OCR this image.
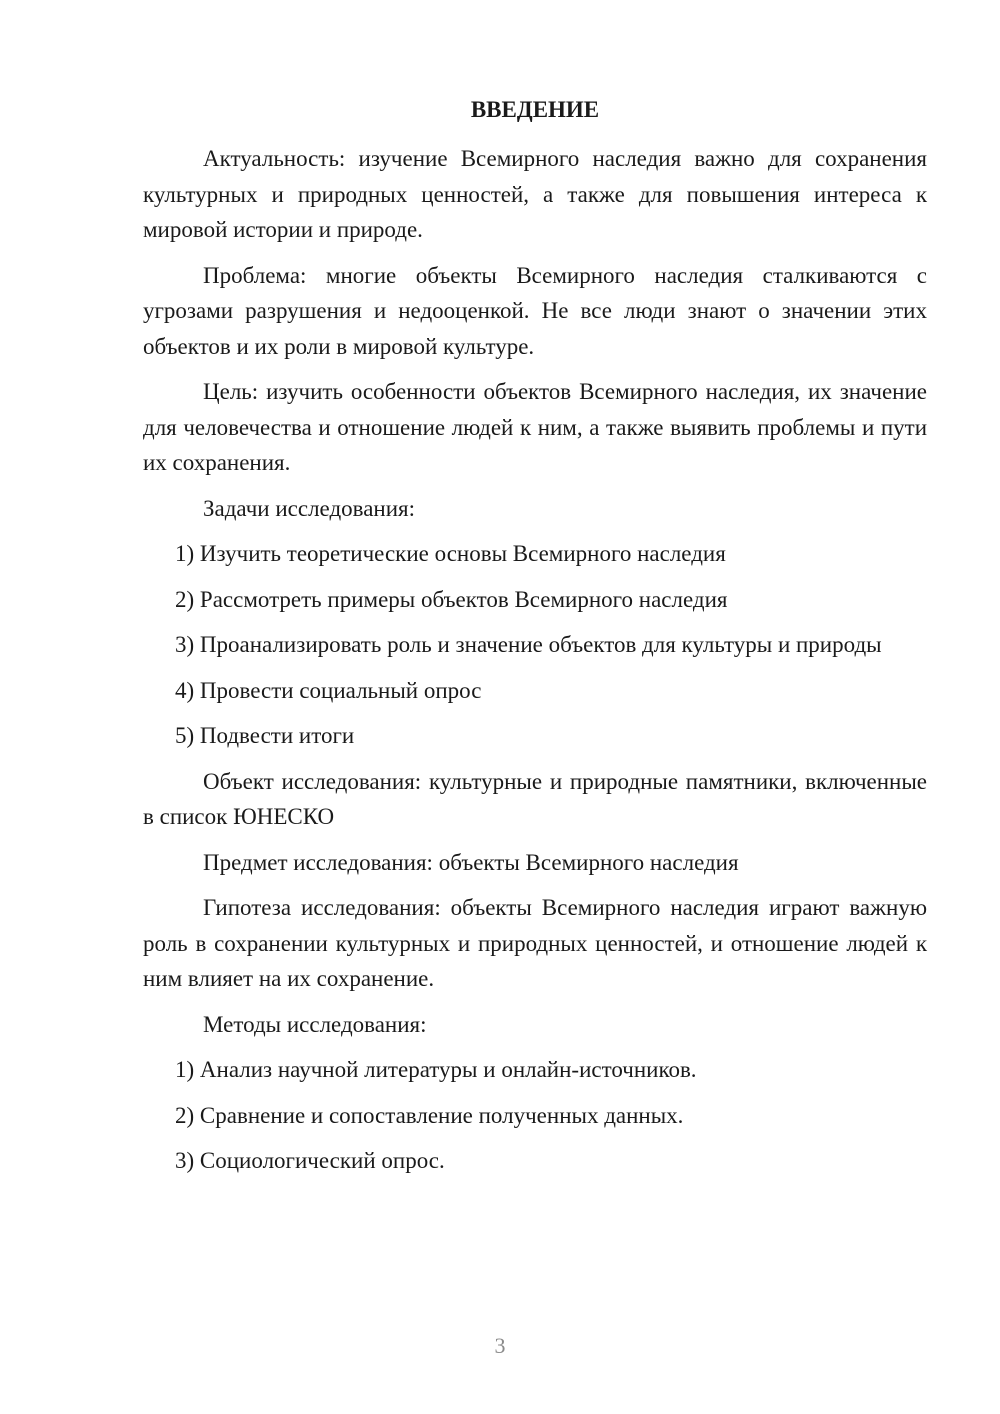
ВВЕДЕНИЕ

Актуальность: изучение Всемирного наследия важно для сохранения культурных и природных ценностей, а также для повышения интереса к мировой истории и природе.

Проблема: многие объекты Всемирного наследия сталкиваются с угрозами разрушения и недооценкой. Не все люди знают о значении этих объектов и их роли в мировой культуре.

Цель: изучить особенности объектов Всемирного наследия, их значение для человечества и отношение людей к ним, а также выявить проблемы и пути их сохранения.

Задачи исследования:

1) Изучить теоретические основы Всемирного наследия

2) Рассмотреть примеры объектов Всемирного наследия

3) Проанализировать роль и значение объектов для культуры и природы

4) Провести социальный опрос

5) Подвести итоги

Объект исследования: культурные и природные памятники, включенные в список ЮНЕСКО

Предмет исследования: объекты Всемирного наследия

Гипотеза исследования: объекты Всемирного наследия играют важную роль в сохранении культурных и природных ценностей, и отношение людей к ним влияет на их сохранение.

Методы исследования:

1) Анализ научной литературы и онлайн-источников.

2) Сравнение и сопоставление полученных данных.

3) Социологический опрос.

3
